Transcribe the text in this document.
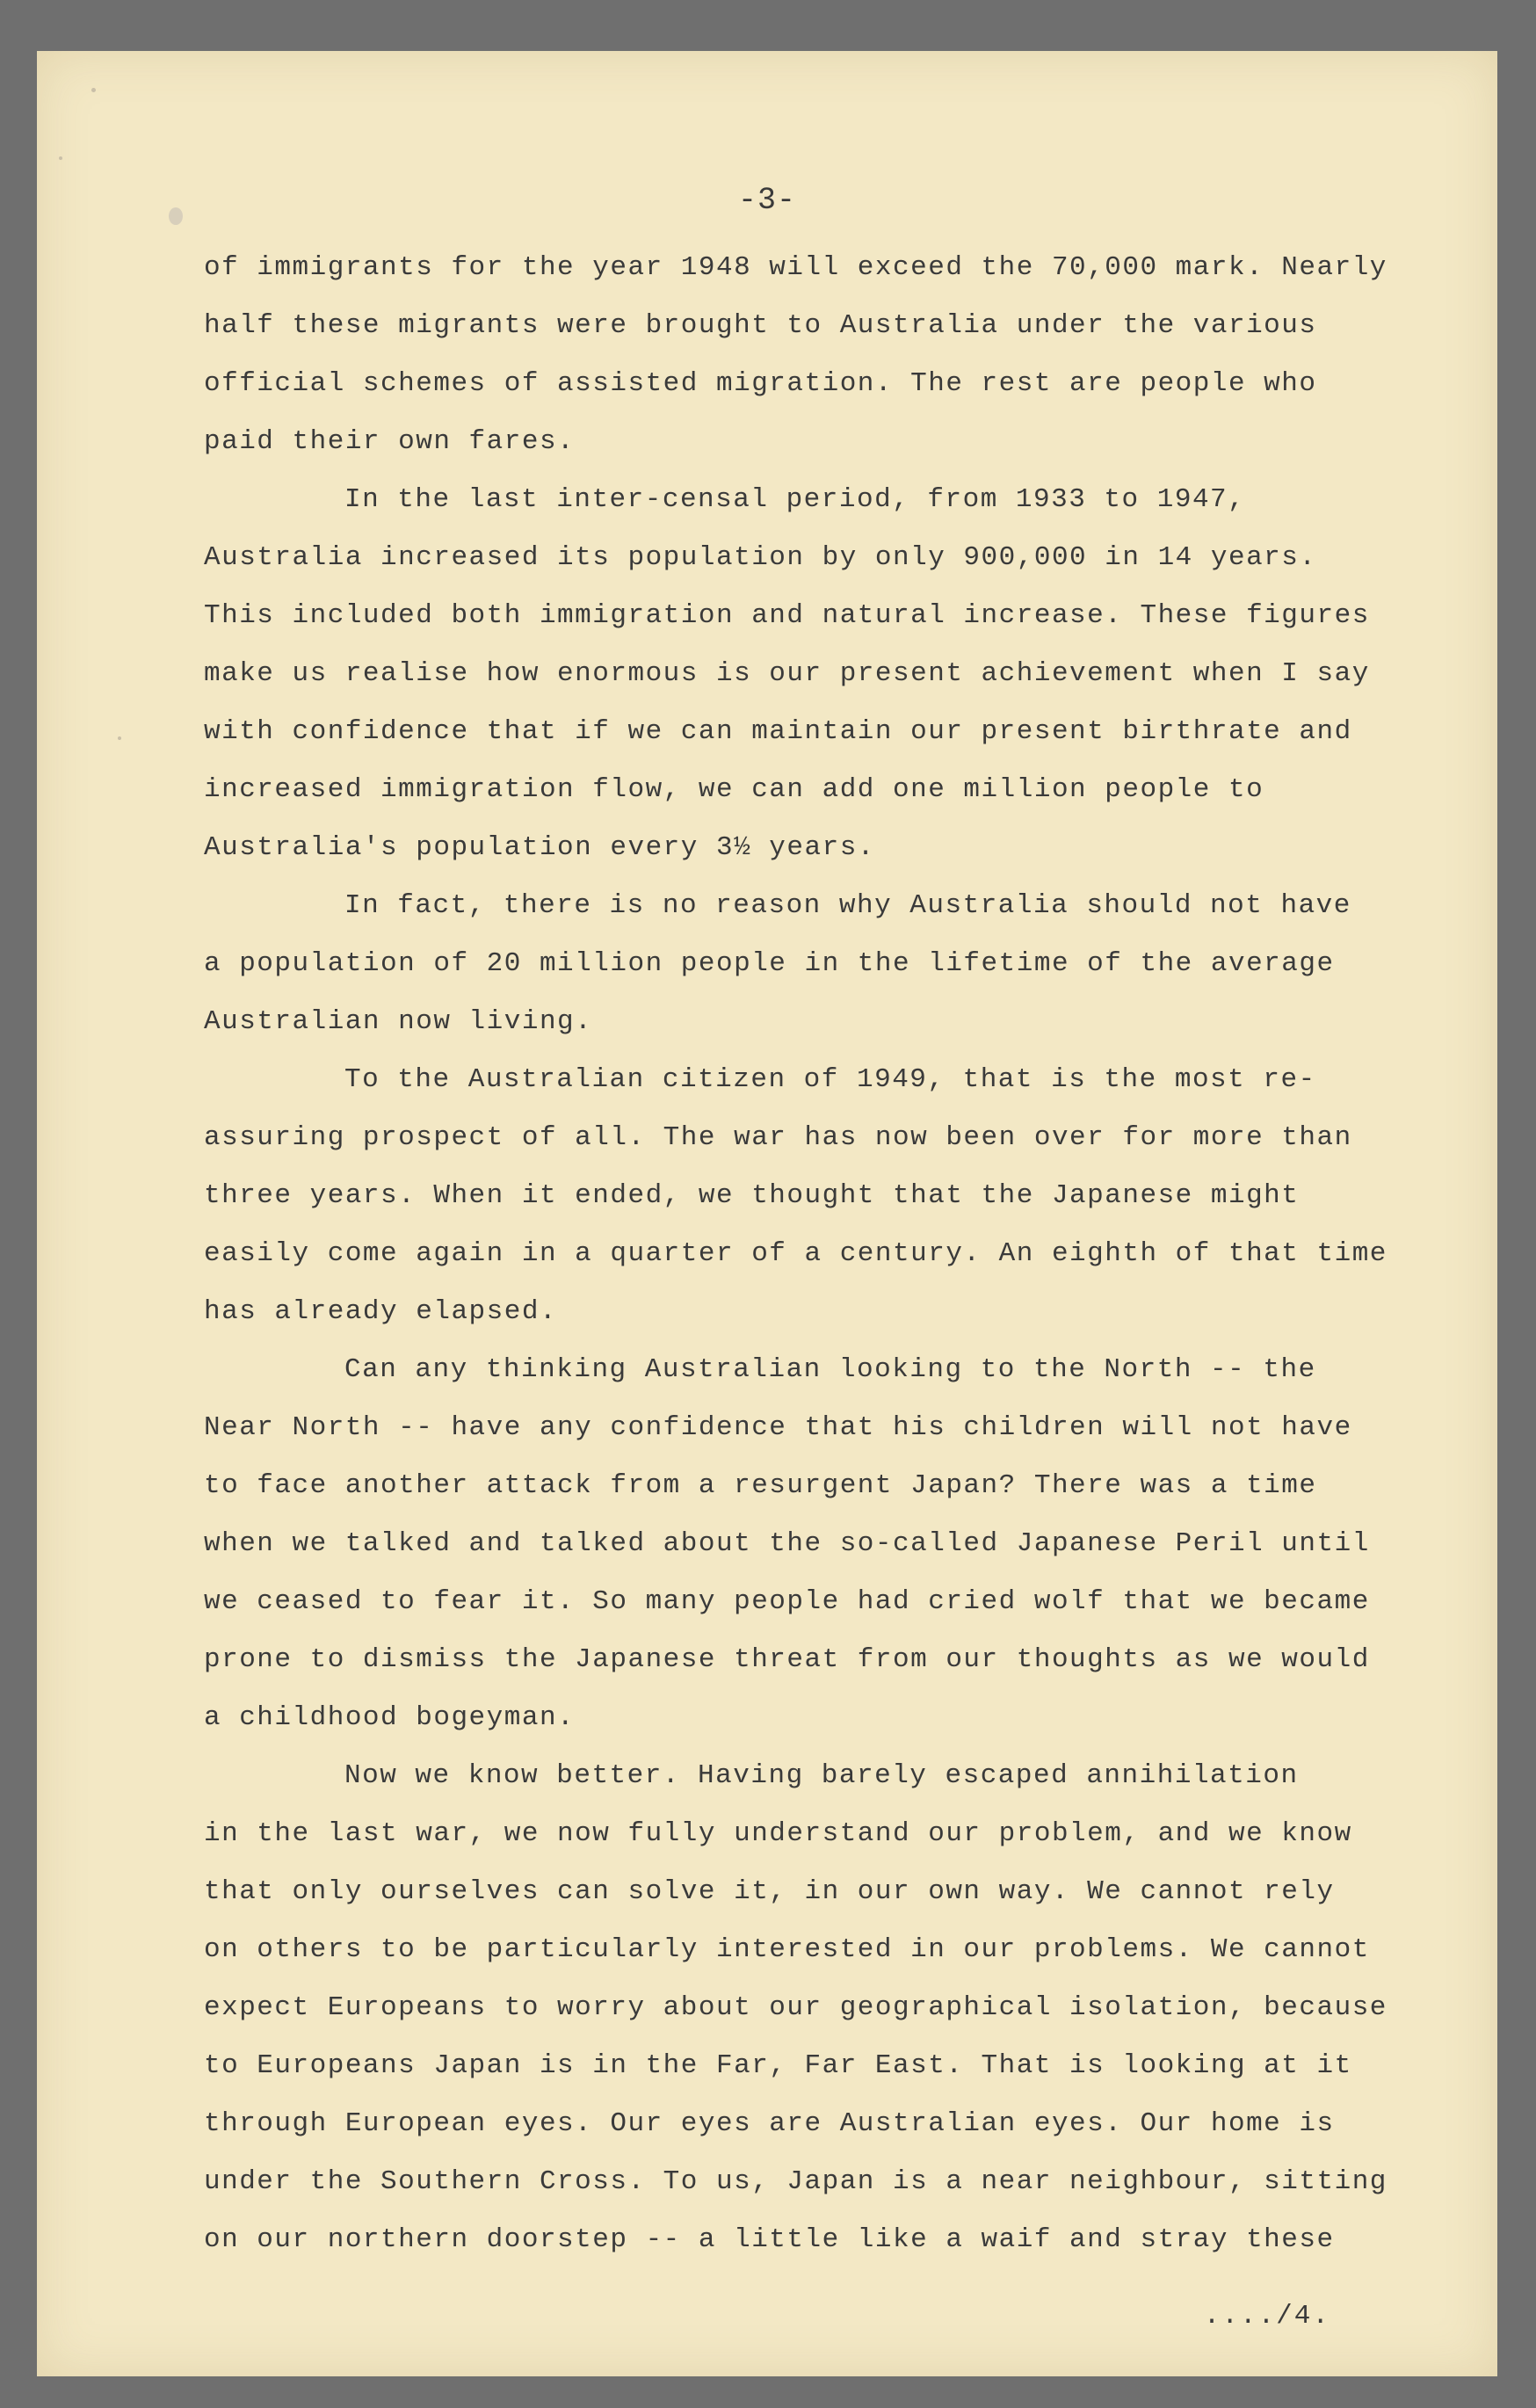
-3-
of immigrants for the year 1948 will exceed the 70,000 mark. Nearly
half these migrants were brought to Australia under the various
official schemes of assisted migration. The rest are people who
paid their own fares.
In the last inter-censal period, from 1933 to 1947,
Australia increased its population by only 900,000 in 14 years.
This included both immigration and natural increase. These figures
make us realise how enormous is our present achievement when I say
with confidence that if we can maintain our present birthrate and
increased immigration flow, we can add one million people to
Australia's population every 3½ years.
In fact, there is no reason why Australia should not have
a population of 20 million people in the lifetime of the average
Australian now living.
To the Australian citizen of 1949, that is the most re-
assuring prospect of all. The war has now been over for more than
three years. When it ended, we thought that the Japanese might
easily come again in a quarter of a century. An eighth of that time
has already elapsed.
Can any thinking Australian looking to the North -- the
Near North -- have any confidence that his children will not have
to face another attack from a resurgent Japan? There was a time
when we talked and talked about the so-called Japanese Peril until
we ceased to fear it. So many people had cried wolf that we became
prone to dismiss the Japanese threat from our thoughts as we would
a childhood bogeyman.
Now we know better. Having barely escaped annihilation
in the last war, we now fully understand our problem, and we know
that only ourselves can solve it, in our own way. We cannot rely
on others to be particularly interested in our problems. We cannot
expect Europeans to worry about our geographical isolation, because
to Europeans Japan is in the Far, Far East. That is looking at it
through European eyes. Our eyes are Australian eyes. Our home is
under the Southern Cross. To us, Japan is a near neighbour, sitting
on our northern doorstep -- a little like a waif and stray these
..../4.
